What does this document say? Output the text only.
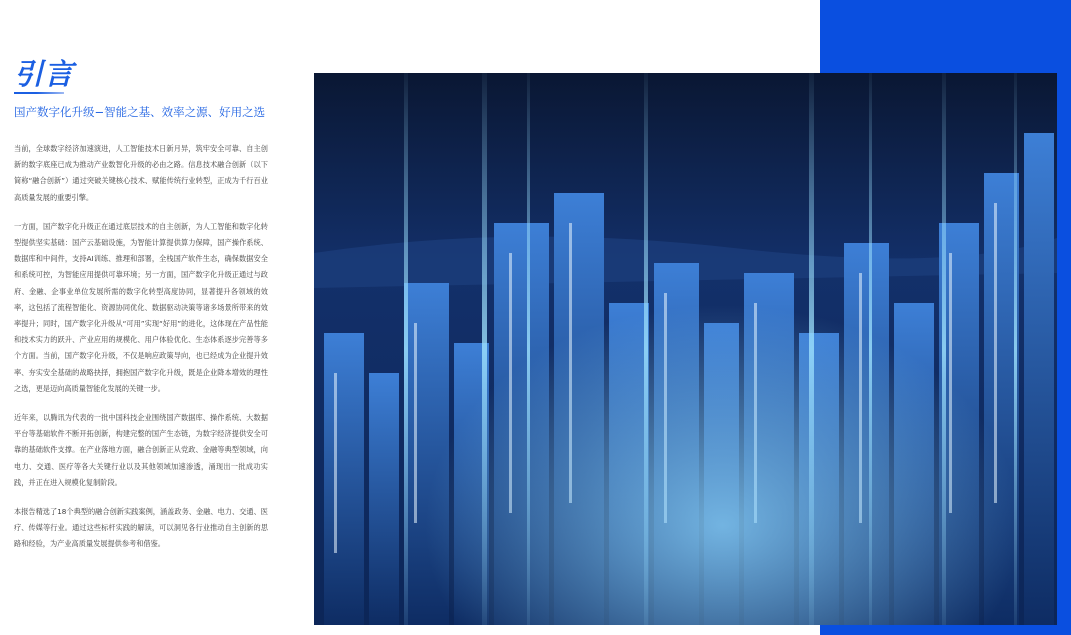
引言

国产数字化升级−智能之基、效率之源、好用之选

当前，全球数字经济加速演进，人工智能技术日新月异，筑牢安全可靠、自主创新的数字底座已成为推动产业数智化升级的必由之路。信息技术融合创新（以下简称“融合创新”）通过突破关键核心技术、赋能传统行业转型，正成为千行百业高质量发展的重要引擎。

一方面，国产数字化升级正在通过底层技术的自主创新，为人工智能和数字化转型提供坚实基础：国产云基础设施，为智能计算提供算力保障，国产操作系统、数据库和中间件，支持AI训练、推理和部署，全栈国产软件生态，确保数据安全和系统可控，为智能应用提供可靠环境；另一方面，国产数字化升级正通过与政府、金融、企事业单位发展所需的数字化转型高度协同，显著提升各领域的效率，这包括了流程智能化、资源协同优化、数据驱动决策等诸多场景所带来的效率提升；同时，国产数字化升级从“可用”实现“好用”的进化，这体现在产品性能和技术实力的跃升、产业应用的规模化、用户体验优化、生态体系逐步完善等多个方面。当前，国产数字化升级，不仅是响应政策导向，也已经成为企业提升效率、夯实安全基础的战略抉择，拥抱国产数字化升级，既是企业降本增效的理性之选，更是迈向高质量智能化发展的关键一步。

近年来，以腾讯为代表的一批中国科技企业围绕国产数据库、操作系统、大数据平台等基础软件不断开拓创新，构建完整的国产生态链，为数字经济提供安全可靠的基础软件支撑。在产业落地方面，融合创新正从党政、金融等典型领域，向电力、交通、医疗等各大关键行业以及其他领域加速渗透，涌现出一批成功实践，并正在进入规模化复制阶段。

本报告精选了18个典型的融合创新实践案例，涵盖政务、金融、电力、交通、医疗、传媒等行业。通过这些标杆实践的解读，可以洞见各行业推动自主创新的思路和经验，为产业高质量发展提供参考和借鉴。
